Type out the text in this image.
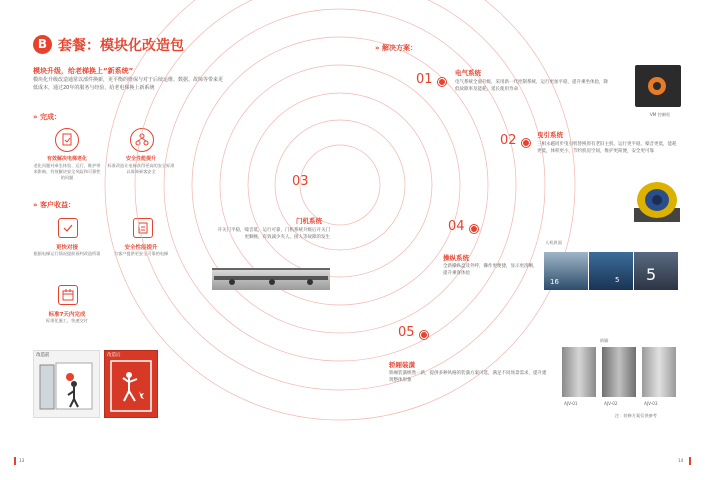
B 套餐：模块化改造包
模块升级，给老梯换上“新系统”
模块化升级改造通常以部件换新，更平衡的维保与对于后续运维、数据、故障等带来更低成本，通过20年的服务与经验，给老电梯换上新系统
» 完成：
有效解决电梯老化
老化问题对乘坐体验、运行、维护带来影响、有效解决安全风险和可靠性的问题
安全性能提升
标准改造让电梯获得更高的安全标准以保障乘客安全
» 客户收益：
更快对接
根据电梯运行情况提前预判改造所需
安全性能提升
为客户提供更安全可靠的电梯
标准7天内完成
标准化施工，快速交付
改造前	改造后
» 解决方案：
01	电气系统
电气系统全面升级，采用新一代控制系统，运行更加平稳，提升乘坐体验，降低故障率及能耗，延长使用寿命
02	曳引系统
三相永磁同步曳引机替换原有老旧主机，运行更平稳，噪音更低，能耗更低，体积更小，节约机房空间，维护更简便，安全更可靠
03
门机系统
开关门平稳，噪音低，运行可靠，门机系统升级后开关门更顺畅，有效减少夹人、困人等故障的发生
04
操纵系统
全新操纵盘及外呼，操作更便捷，显示更清晰，提升乘客体验
05
轿厢装潢
轿厢装潢焕然一新，提供多种风格的装潢方案可选，满足不同场景需求，提升建筑整体形象
VM 控制柜
人机界面
16	5 5
轿厢
AJV-01	AJV-02	AJV-03
注：装修方案仅供参考
13	14
